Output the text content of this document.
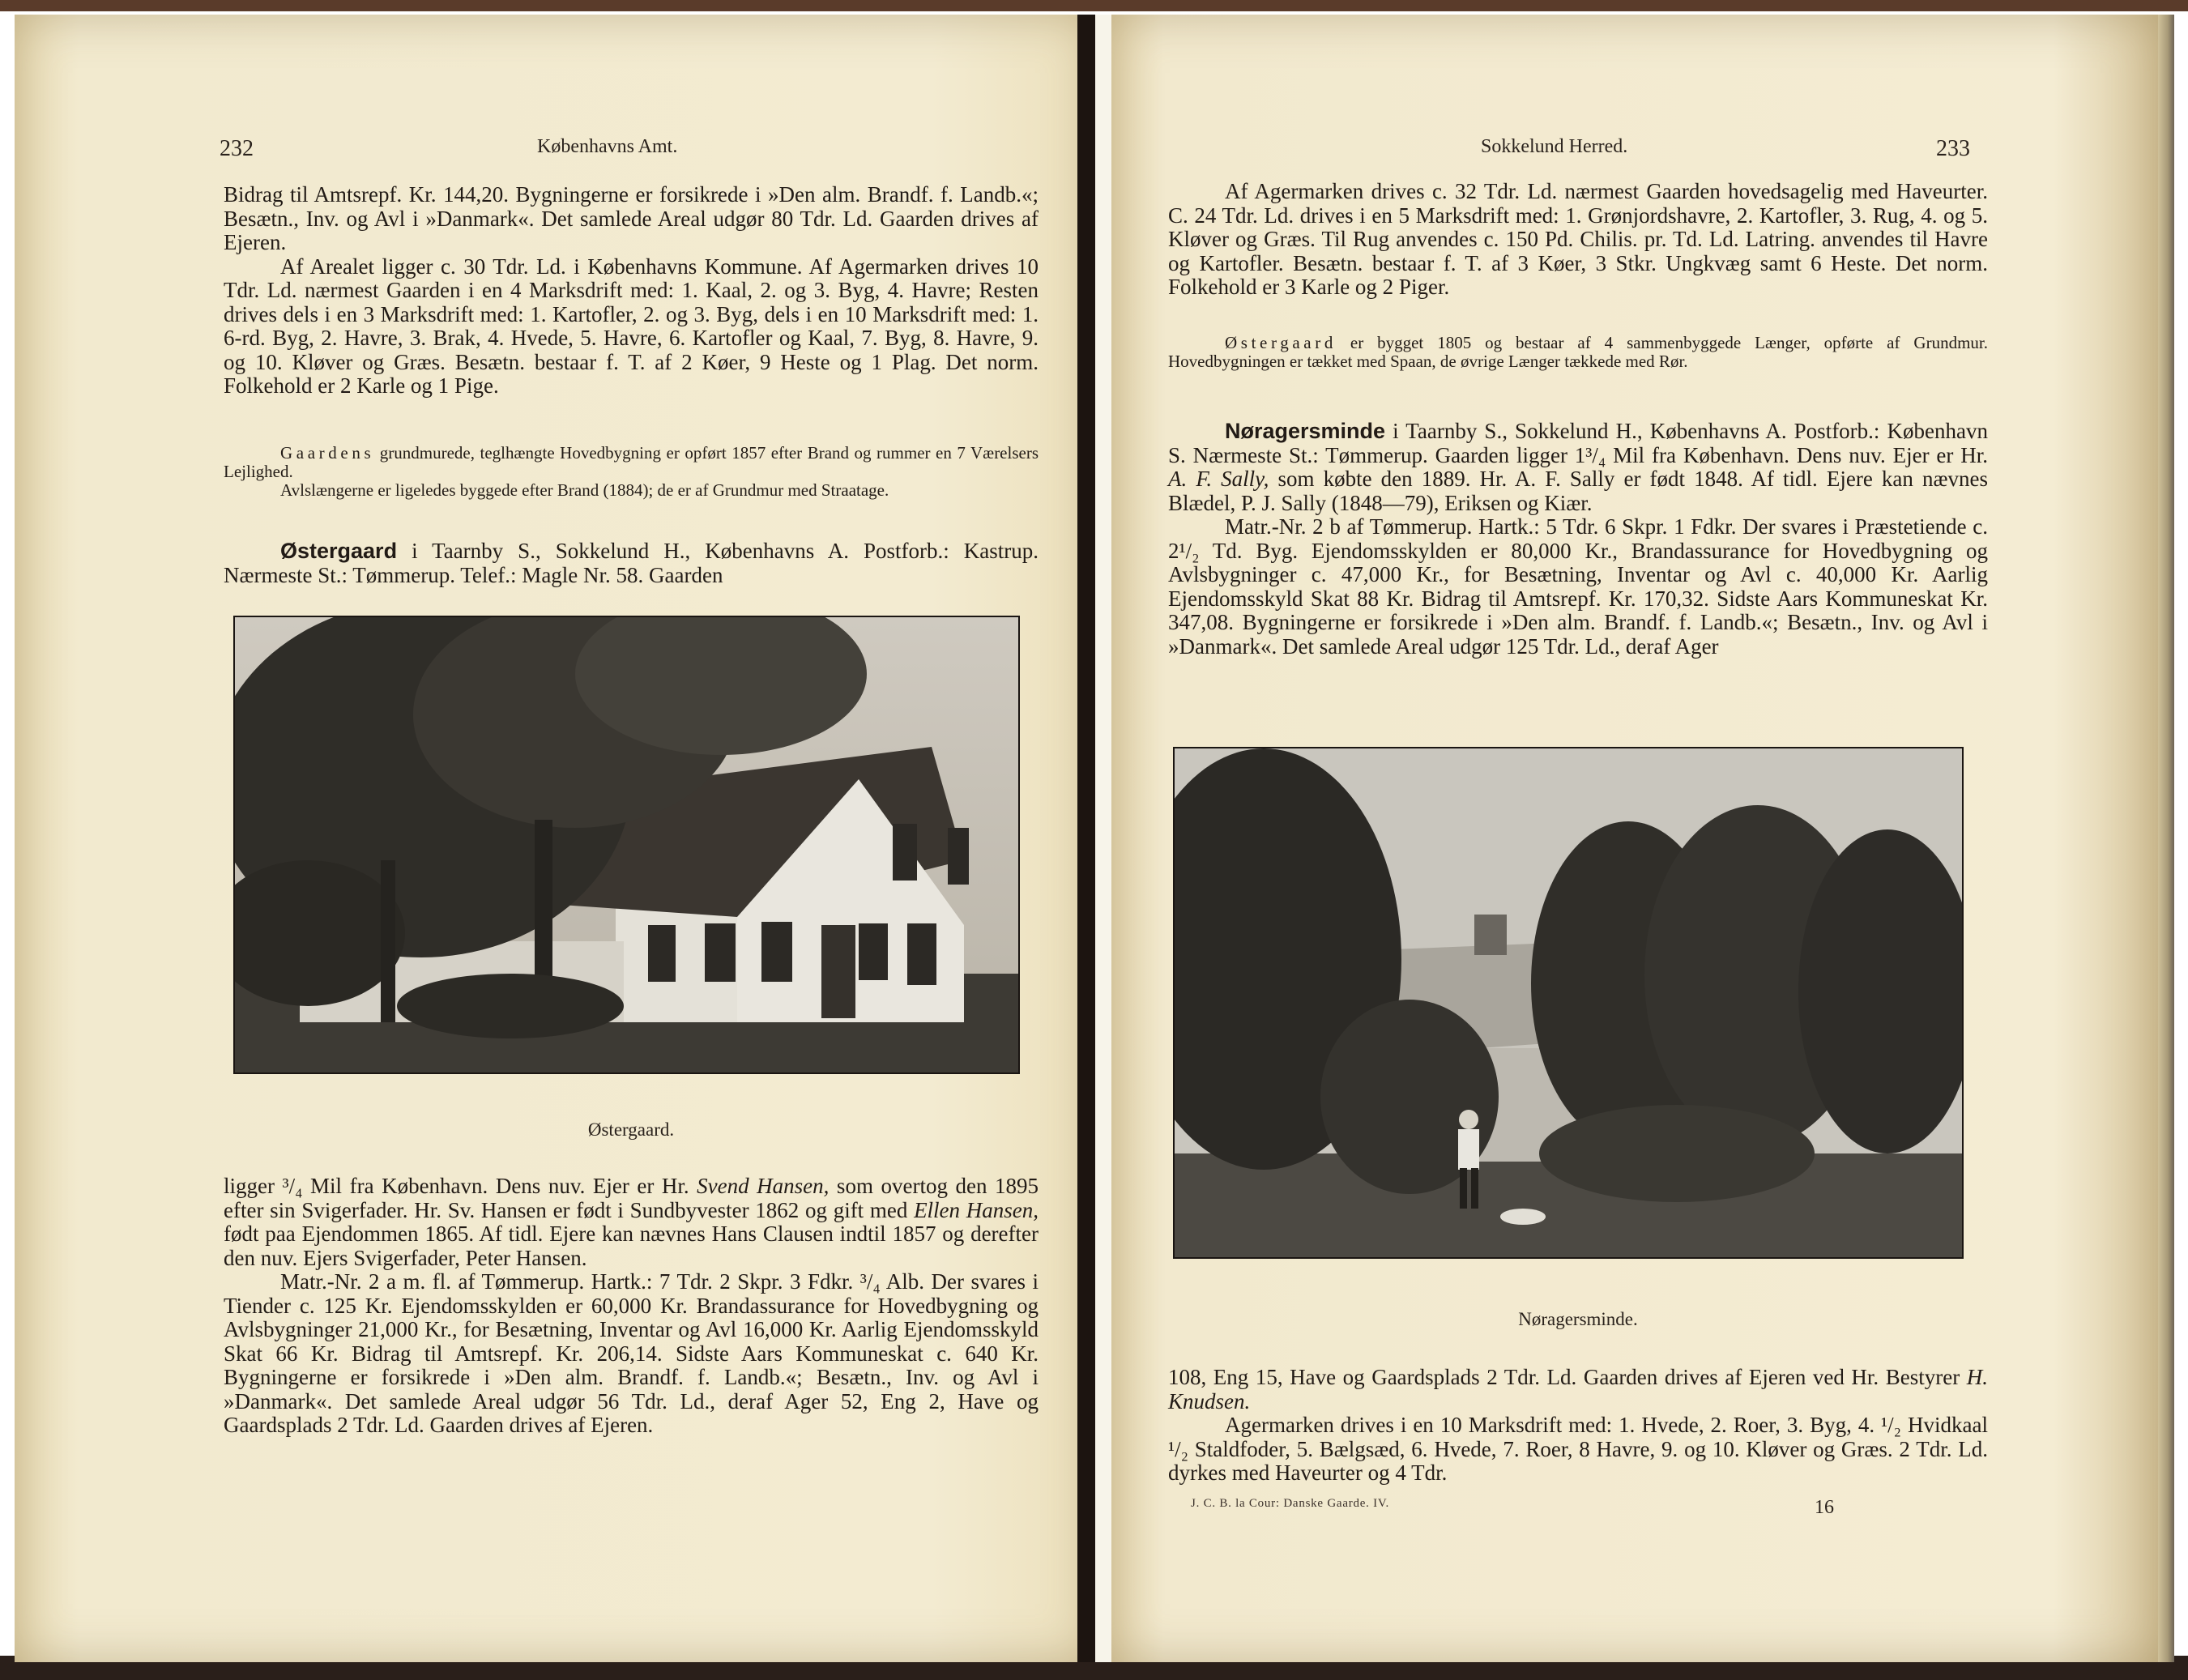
232	Københavns Amt.

Bidrag til Amtsrepf. Kr. 144,20. Bygningerne er forsikrede i »Den alm. Brandf. f. Landb.«; Besætn., Inv. og Avl i »Danmark«. Det samlede Areal udgør 80 Tdr. Ld. Gaarden drives af Ejeren.

Af Arealet ligger c. 30 Tdr. Ld. i Københavns Kommune. Af Agermarken drives 10 Tdr. Ld. nærmest Gaarden i en 4 Marksdrift med: 1. Kaal, 2. og 3. Byg, 4. Havre; Resten drives dels i en 3 Marksdrift med: 1. Kartofler, 2. og 3. Byg, dels i en 10 Marksdrift med: 1. 6-rd. Byg, 2. Havre, 3. Brak, 4. Hvede, 5. Havre, 6. Kartofler og Kaal, 7. Byg, 8. Havre, 9. og 10. Kløver og Græs. Besætn. bestaar f. T. af 2 Køer, 9 Heste og 1 Plag. Det norm. Folkehold er 2 Karle og 1 Pige.

Gaardens grundmurede, teglhængte Hovedbygning er opført 1857 efter Brand og rummer en 7 Værelsers Lejlighed.

Avlslængerne er ligeledes byggede efter Brand (1884); de er af Grundmur med Straatage.

Østergaard i Taarnby S., Sokkelund H., Københavns A. Postforb.: Kastrup. Nærmeste St.: Tømmerup. Telef.: Magle Nr. 58. Gaarden

Østergaard.

ligger ³/₄ Mil fra København. Dens nuv. Ejer er Hr. Svend Hansen, som overtog den 1895 efter sin Svigerfader. Hr. Sv. Hansen er født i Sundbyvester 1862 og gift med Ellen Hansen, født paa Ejendommen 1865. Af tidl. Ejere kan nævnes Hans Clausen indtil 1857 og derefter den nuv. Ejers Svigerfader, Peter Hansen.

Matr.-Nr. 2 a m. fl. af Tømmerup. Hartk.: 7 Tdr. 2 Skpr. 3 Fdkr. ³/₄ Alb. Der svares i Tiender c. 125 Kr. Ejendomsskylden er 60,000 Kr. Brandassurance for Hovedbygning og Avlsbygninger 21,000 Kr., for Besætning, Inventar og Avl 16,000 Kr. Aarlig Ejendomsskyld Skat 66 Kr. Bidrag til Amtsrepf. Kr. 206,14. Sidste Aars Kommuneskat c. 640 Kr. Bygningerne er forsikrede i »Den alm. Brandf. f. Landb.«; Besætn., Inv. og Avl i »Danmark«. Det samlede Areal udgør 56 Tdr. Ld., deraf Ager 52, Eng 2, Have og Gaardsplads 2 Tdr. Ld. Gaarden drives af Ejeren.

Sokkelund Herred.	233

Af Agermarken drives c. 32 Tdr. Ld. nærmest Gaarden hovedsagelig med Haveurter. C. 24 Tdr. Ld. drives i en 5 Marksdrift med: 1. Grønjordshavre, 2. Kartofler, 3. Rug, 4. og 5. Kløver og Græs. Til Rug anvendes c. 150 Pd. Chilis. pr. Td. Ld. Latring. anvendes til Havre og Kartofler. Besætn. bestaar f. T. af 3 Køer, 3 Stkr. Ungkvæg samt 6 Heste. Det norm. Folkehold er 3 Karle og 2 Piger.

Østergaard er bygget 1805 og bestaar af 4 sammenbyggede Længer, opførte af Grundmur. Hovedbygningen er tækket med Spaan, de øvrige Længer tækkede med Rør.

Nøragersminde i Taarnby S., Sokkelund H., Københavns A. Postforb.: København S. Nærmeste St.: Tømmerup. Gaarden ligger 1³/₄ Mil fra København. Dens nuv. Ejer er Hr. A. F. Sally, som købte den 1889. Hr. A. F. Sally er født 1848. Af tidl. Ejere kan nævnes Blædel, P. J. Sally (1848—79), Eriksen og Kiær.

Matr.-Nr. 2 b af Tømmerup. Hartk.: 5 Tdr. 6 Skpr. 1 Fdkr. Der svares i Præstetiende c. 2¹/₂ Td. Byg. Ejendomsskylden er 80,000 Kr., Brandassurance for Hovedbygning og Avlsbygninger c. 47,000 Kr., for Besætning, Inventar og Avl c. 40,000 Kr. Aarlig Ejendomsskyld Skat 88 Kr. Bidrag til Amtsrepf. Kr. 170,32. Sidste Aars Kommuneskat Kr. 347,08. Bygningerne er forsikrede i »Den alm. Brandf. f. Landb.«; Besætn., Inv. og Avl i »Danmark«. Det samlede Areal udgør 125 Tdr. Ld., deraf Ager

Nøragersminde.

108, Eng 15, Have og Gaardsplads 2 Tdr. Ld. Gaarden drives af Ejeren ved Hr. Bestyrer H. Knudsen.

Agermarken drives i en 10 Marksdrift med: 1. Hvede, 2. Roer, 3. Byg, 4. ¹/₂ Hvidkaal ¹/₂ Staldfoder, 5. Bælgsæd, 6. Hvede, 7. Roer, 8 Havre, 9. og 10. Kløver og Græs. 2 Tdr. Ld. dyrkes med Haveurter og 4 Tdr.

J. C. B. la Cour: Danske Gaarde. IV.	16
